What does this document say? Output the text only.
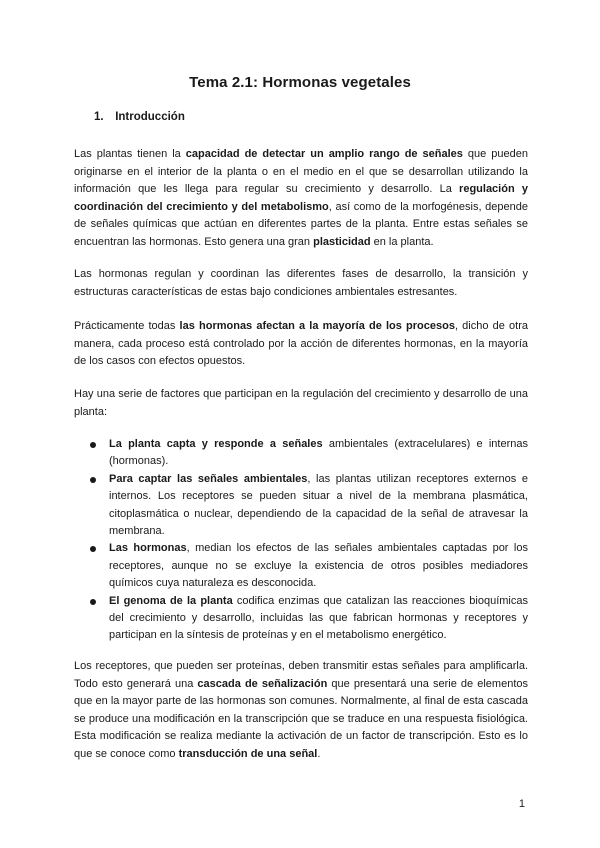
Tema 2.1: Hormonas vegetales
1. Introducción

Las plantas tienen la capacidad de detectar un amplio rango de señales que pueden originarse en el interior de la planta o en el medio en el que se desarrollan utilizando la información que les llega para regular su crecimiento y desarrollo. La regulación y coordinación del crecimiento y del metabolismo, así como de la morfogénesis, depende de señales químicas que actúan en diferentes partes de la planta. Entre estas señales se encuentran las hormonas. Esto genera una gran plasticidad en la planta.

Las hormonas regulan y coordinan las diferentes fases de desarrollo, la transición y estructuras características de estas bajo condiciones ambientales estresantes.

Prácticamente todas las hormonas afectan a la mayoría de los procesos, dicho de otra manera, cada proceso está controlado por la acción de diferentes hormonas, en la mayoría de los casos con efectos opuestos.

Hay una serie de factores que participan en la regulación del crecimiento y desarrollo de una planta:

La planta capta y responde a señales ambientales (extracelulares) e internas (hormonas).
Para captar las señales ambientales, las plantas utilizan receptores externos e internos. Los receptores se pueden situar a nivel de la membrana plasmática, citoplasmática o nuclear, dependiendo de la capacidad de la señal de atravesar la membrana.
Las hormonas, median los efectos de las señales ambientales captadas por los receptores, aunque no se excluye la existencia de otros posibles mediadores químicos cuya naturaleza es desconocida.
El genoma de la planta codifica enzimas que catalizan las reacciones bioquímicas del crecimiento y desarrollo, incluidas las que fabrican hormonas y receptores y participan en la síntesis de proteínas y en el metabolismo energético.

Los receptores, que pueden ser proteínas, deben transmitir estas señales para amplificarla. Todo esto generará una cascada de señalización que presentará una serie de elementos que en la mayor parte de las hormonas son comunes. Normalmente, al final de esta cascada se produce una modificación en la transcripción que se traduce en una respuesta fisiológica. Esta modificación se realiza mediante la activación de un factor de transcripción. Esto es lo que se conoce como transducción de una señal.

1
